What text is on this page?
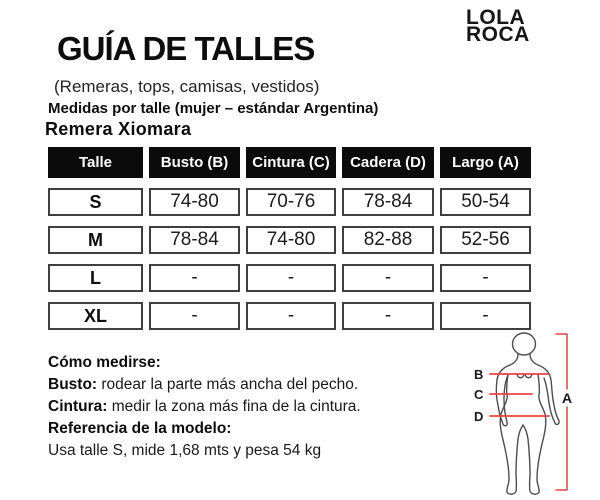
LOLA
ROCA
GUÍA DE TALLES
(Remeras, tops, camisas, vestidos)
Medidas por talle (mujer – estándar Argentina)
Remera Xiomara
Talle	Busto (B)	Cintura (C)	Cadera (D)	Largo (A)
S	74-80	70-76	78-84	50-54
M	78-84	74-80	82-88	52-56
L	-	-	-	-
XL	-	-	-	-
Cómo medirse:
Busto: rodear la parte más ancha del pecho.
Cintura: medir la zona más fina de la cintura.
Referencia de la modelo:
Usa talle S, mide 1,68 mts y pesa 54 kg
B
C
D
A
